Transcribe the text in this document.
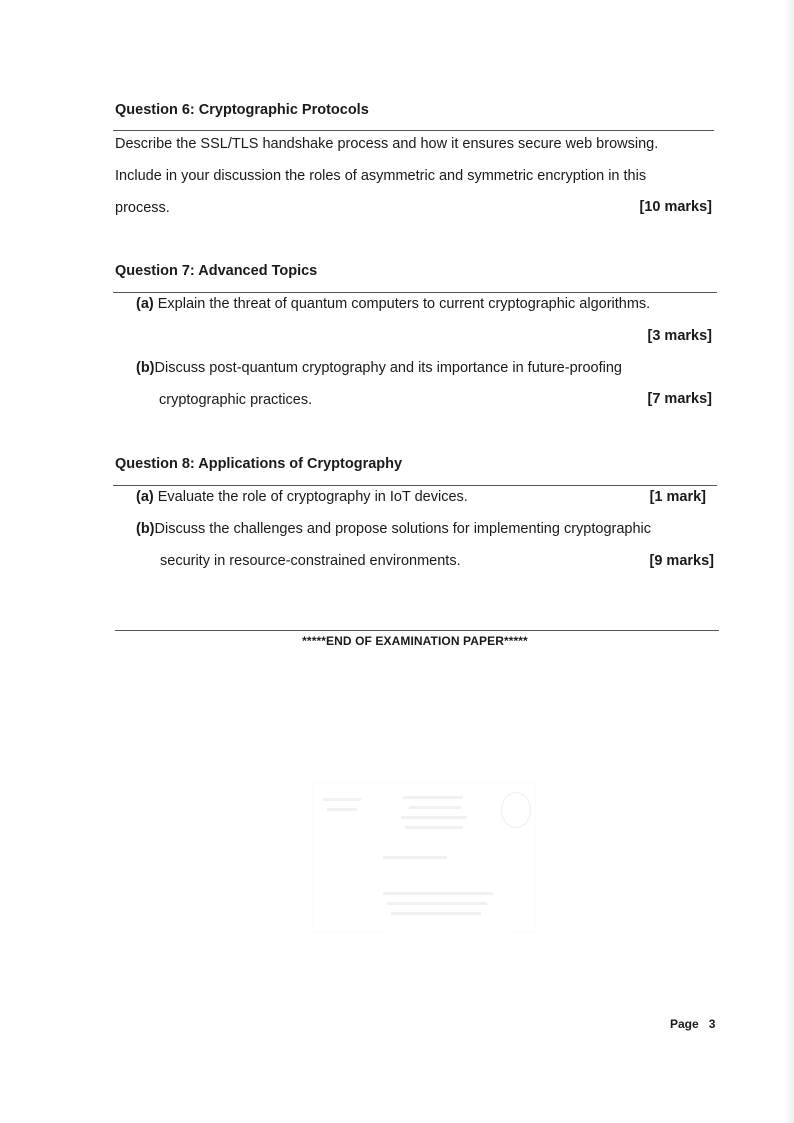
Question 6: Cryptographic Protocols
Describe the SSL/TLS handshake process and how it ensures secure web browsing.
Include in your discussion the roles of asymmetric and symmetric encryption in this
process.	[10 marks]
Question 7: Advanced Topics
(a) Explain the threat of quantum computers to current cryptographic algorithms.
[3 marks]
(b)Discuss post-quantum cryptography and its importance in future-proofing
cryptographic practices.	[7 marks]
Question 8: Applications of Cryptography
(a) Evaluate the role of cryptography in IoT devices.	[1 mark]
(b)Discuss the challenges and propose solutions for implementing cryptographic
security in resource-constrained environments.	[9 marks]
*****END OF EXAMINATION PAPER*****
Page 3
